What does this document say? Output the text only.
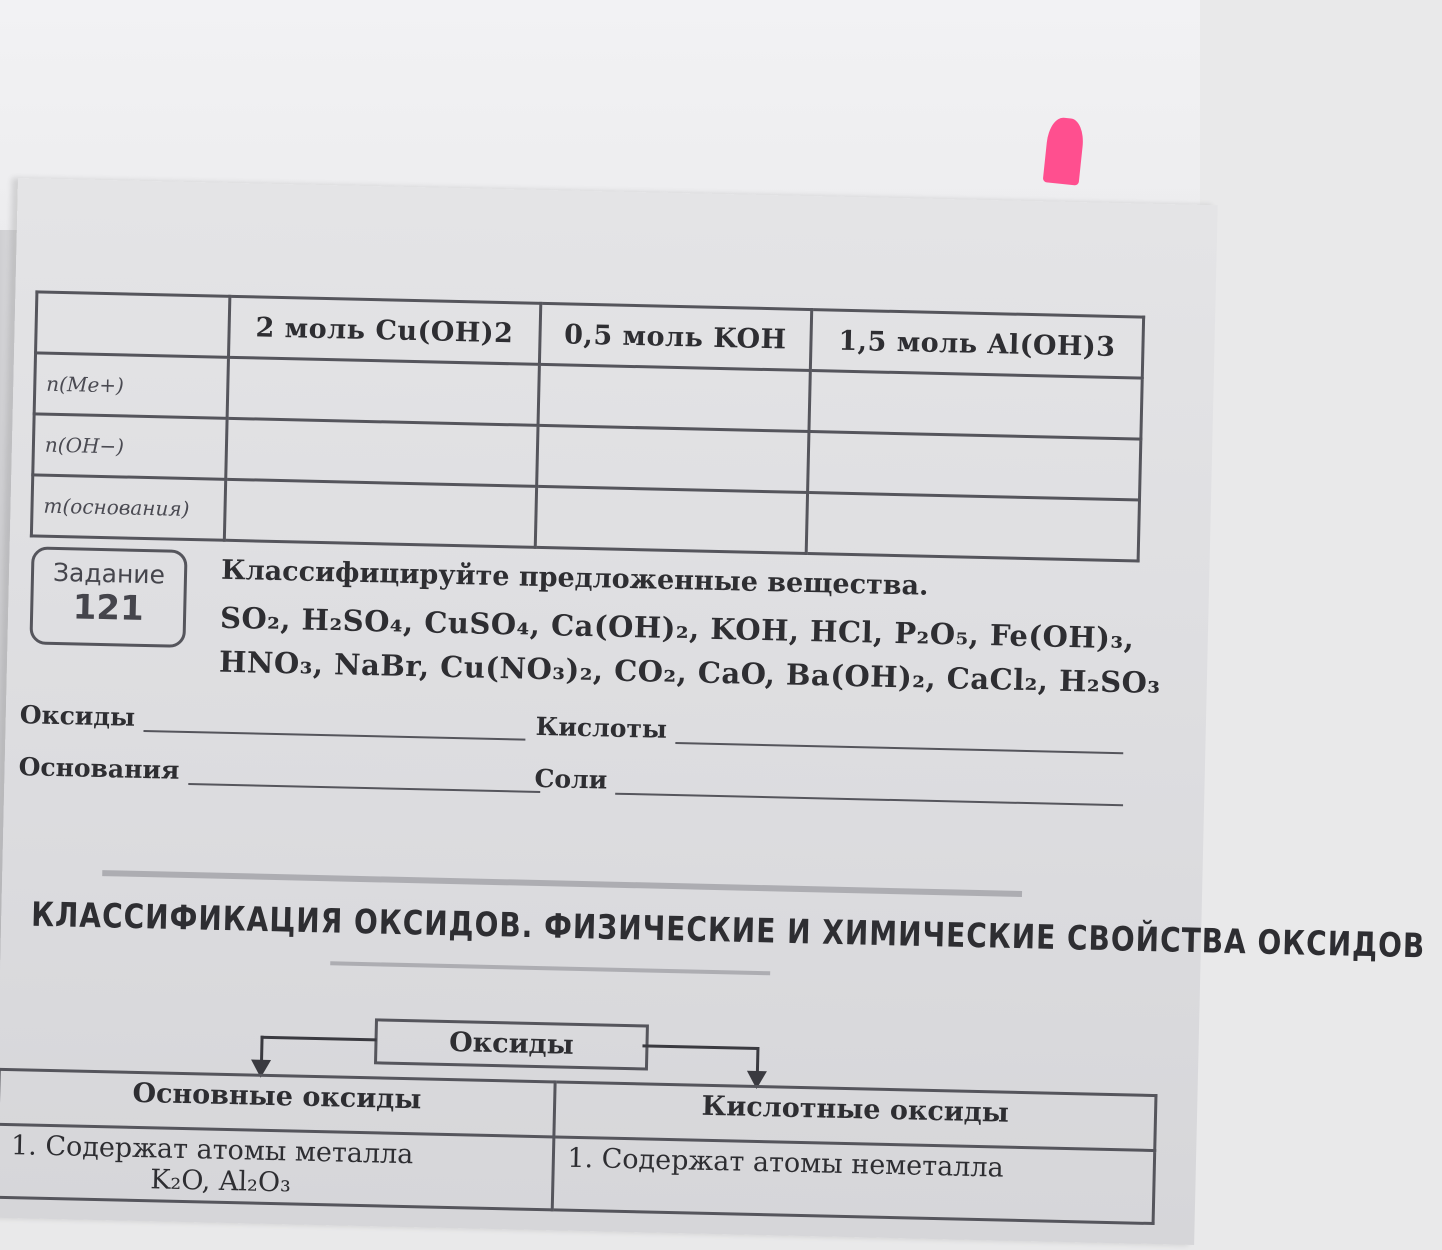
	2 моль Cu(OH)2	0,5 моль KOH	1,5 моль Al(OH)3
n(Me+)			
n(OH−)			
m(основания)			
Задание
121
Классифицируйте предложенные вещества.
SO₂, H₂SO₄, CuSO₄, Ca(OH)₂, KOH, HCl, P₂O₅, Fe(OH)₃,
HNO₃, NaBr, Cu(NO₃)₂, CO₂, CaO, Ba(OH)₂, CaCl₂, H₂SO₃
Оксиды	Кислоты
Основания	Соли
КЛАССИФИКАЦИЯ ОКСИДОВ. ФИЗИЧЕСКИЕ И ХИМИЧЕСКИЕ СВОЙСТВА ОКСИДОВ
Оксиды
Основные оксиды	Кислотные оксиды

1. Содержат атомы металла
K₂O, Al₂O₃	1. Содержат атомы неметалла
